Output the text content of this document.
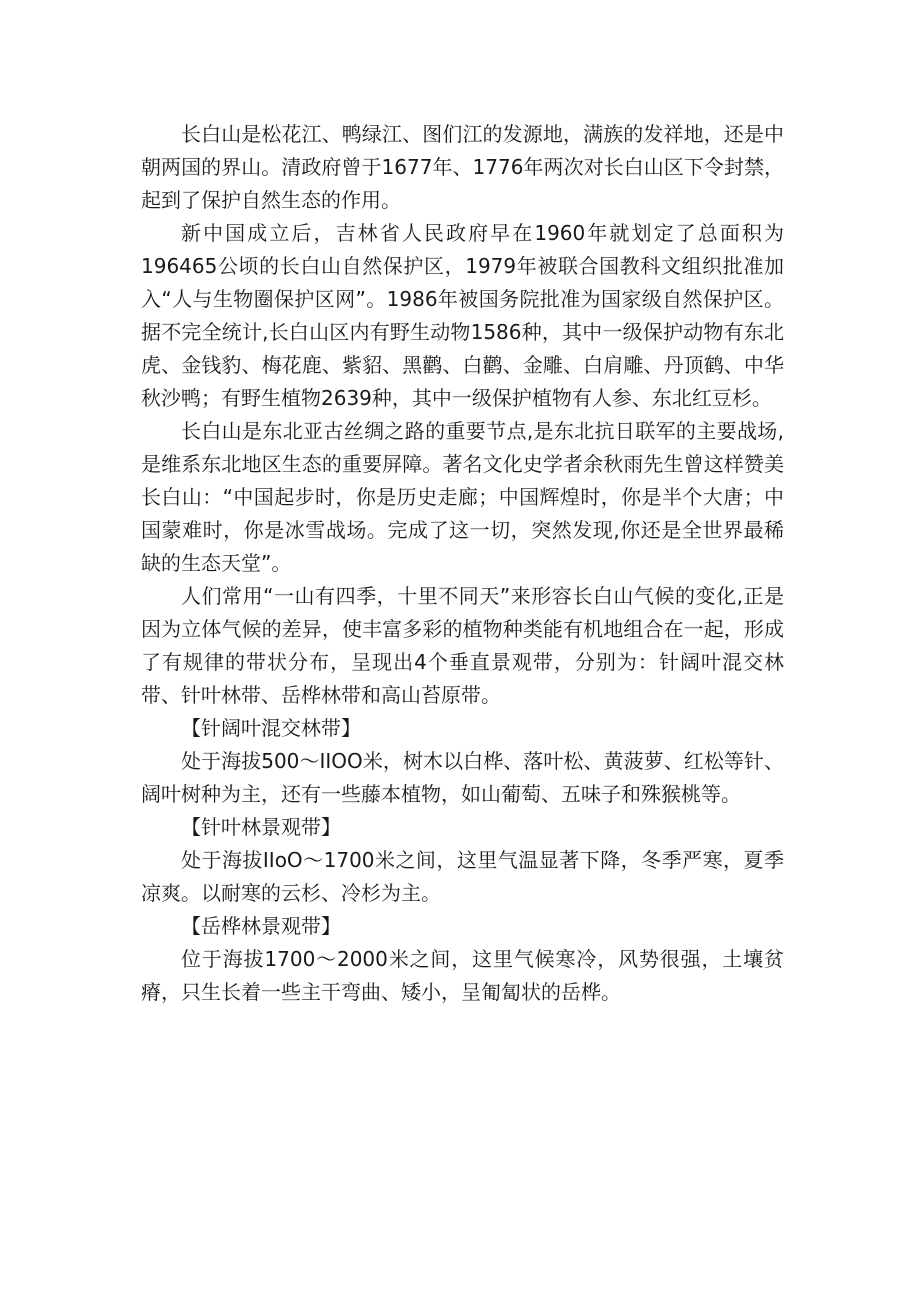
长白山是松花江、鸭绿江、图们江的发源地，满族的发祥地，还是中朝两国的界山。清政府曾于1677年、1776年两次对长白山区下令封禁，起到了保护自然生态的作用。

新中国成立后，吉林省人民政府早在1960年就划定了总面积为196465公顷的长白山自然保护区，1979年被联合国教科文组织批准加入“人与生物圈保护区网”。1986年被国务院批准为国家级自然保护区。据不完全统计,长白山区内有野生动物1586种，其中一级保护动物有东北虎、金钱豹、梅花鹿、紫貂、黑鹳、白鹳、金雕、白肩雕、丹顶鹤、中华秋沙鸭；有野生植物2639种，其中一级保护植物有人参、东北红豆杉。

长白山是东北亚古丝绸之路的重要节点,是东北抗日联军的主要战场,是维系东北地区生态的重要屏障。著名文化史学者余秋雨先生曾这样赞美长白山：“中国起步时，你是历史走廊；中国辉煌时，你是半个大唐；中国蒙难时，你是冰雪战场。完成了这一切，突然发现,你还是全世界最稀缺的生态天堂”。

人们常用“一山有四季，十里不同天”来形容长白山气候的变化,正是因为立体气候的差异，使丰富多彩的植物种类能有机地组合在一起，形成了有规律的带状分布，呈现出4个垂直景观带，分别为：针阔叶混交林带、针叶林带、岳桦林带和高山苔原带。

【针阔叶混交林带】

处于海拔500～IIOO米，树木以白桦、落叶松、黄菠萝、红松等针、阔叶树种为主，还有一些藤本植物，如山葡萄、五味子和殊猴桃等。

【针叶林景观带】

处于海拔IIoO～1700米之间，这里气温显著下降，冬季严寒，夏季凉爽。以耐寒的云杉、冷杉为主。

【岳桦林景观带】

位于海拔1700～2000米之间，这里气候寒冷，风势很强，土壤贫瘠，只生长着一些主干弯曲、矮小，呈匍匐状的岳桦。
